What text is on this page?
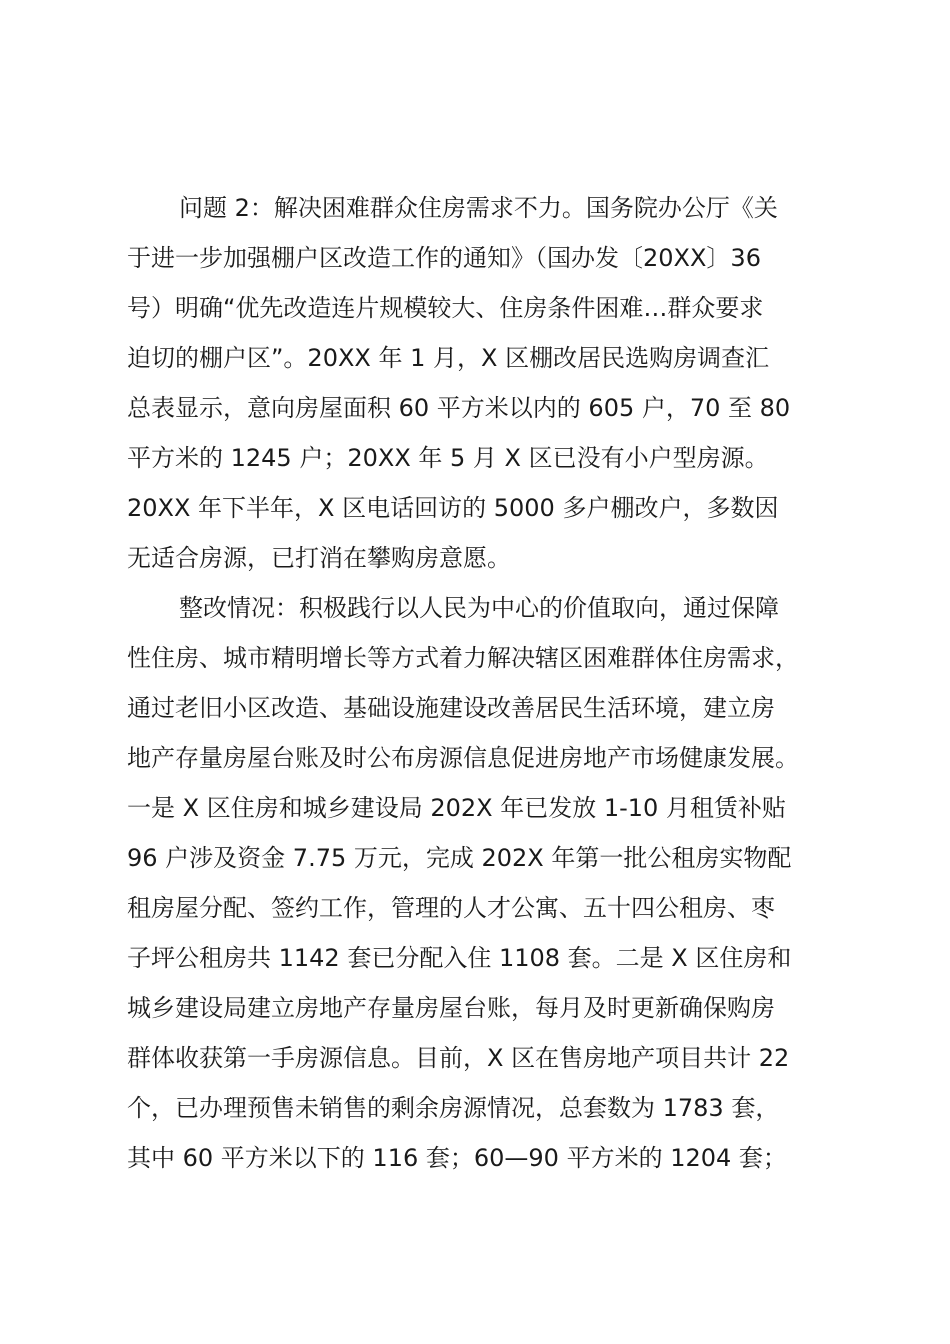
问题 2：解决困难群众住房需求不力。国务院办公厅《关
于进一步加强棚户区改造工作的通知》（国办发〔20XX〕36
号）明确“优先改造连片规模较大、住房条件困难…群众要求
迫切的棚户区”。20XX 年 1 月，X 区棚改居民选购房调查汇
总表显示，意向房屋面积 60 平方米以内的 605 户，70 至 80
平方米的 1245 户；20XX 年 5 月 X 区已没有小户型房源。
20XX 年下半年，X 区电话回访的 5000 多户棚改户，多数因
无适合房源，已打消在攀购房意愿。
整改情况：积极践行以人民为中心的价值取向，通过保障
性住房、城市精明增长等方式着力解决辖区困难群体住房需求，
通过老旧小区改造、基础设施建设改善居民生活环境，建立房
地产存量房屋台账及时公布房源信息促进房地产市场健康发展。
一是 X 区住房和城乡建设局 202X 年已发放 1-10 月租赁补贴
96 户涉及资金 7.75 万元，完成 202X 年第一批公租房实物配
租房屋分配、签约工作，管理的人才公寓、五十四公租房、枣
子坪公租房共 1142 套已分配入住 1108 套。二是 X 区住房和
城乡建设局建立房地产存量房屋台账，每月及时更新确保购房
群体收获第一手房源信息。目前，X 区在售房地产项目共计 22
个，已办理预售未销售的剩余房源情况，总套数为 1783 套，
其中 60 平方米以下的 116 套；60—90 平方米的 1204 套；
